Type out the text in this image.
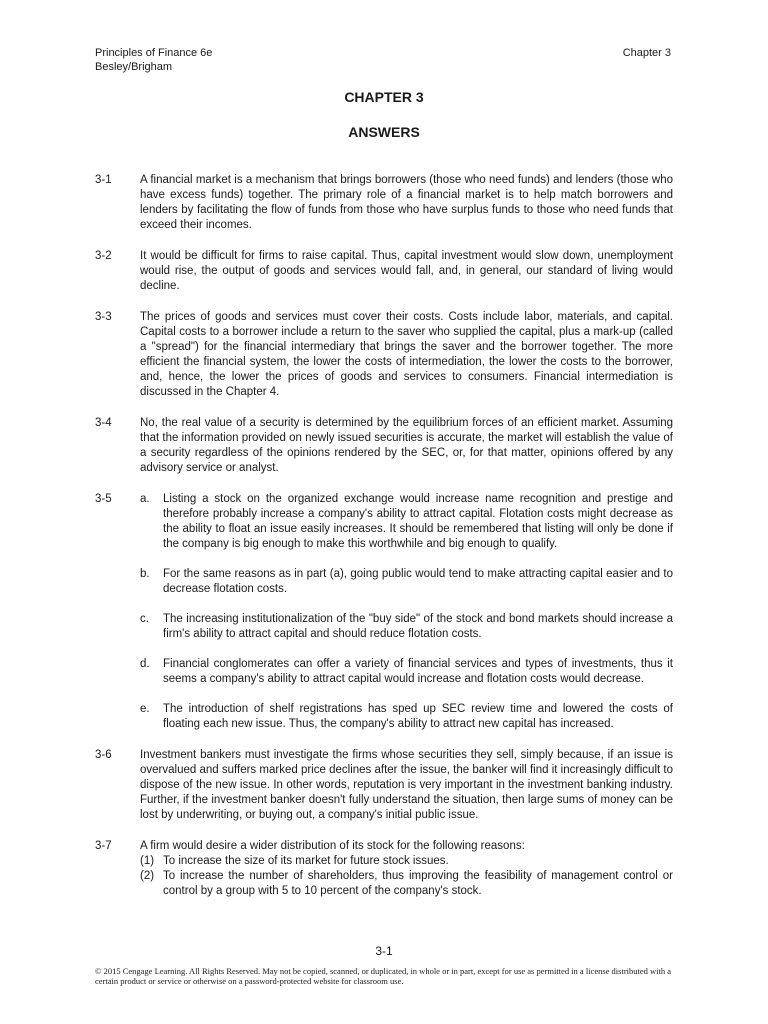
Principles of Finance 6e
Besley/Brigham
Chapter 3
CHAPTER 3
ANSWERS
3-1 A financial market is a mechanism that brings borrowers (those who need funds) and lenders (those who have excess funds) together. The primary role of a financial market is to help match borrowers and lenders by facilitating the flow of funds from those who have surplus funds to those who need funds that exceed their incomes.
3-2 It would be difficult for firms to raise capital. Thus, capital investment would slow down, unemployment would rise, the output of goods and services would fall, and, in general, our standard of living would decline.
3-3 The prices of goods and services must cover their costs. Costs include labor, materials, and capital. Capital costs to a borrower include a return to the saver who supplied the capital, plus a mark-up (called a "spread") for the financial intermediary that brings the saver and the borrower together. The more efficient the financial system, the lower the costs of intermediation, the lower the costs to the borrower, and, hence, the lower the prices of goods and services to consumers. Financial intermediation is discussed in the Chapter 4.
3-4 No, the real value of a security is determined by the equilibrium forces of an efficient market. Assuming that the information provided on newly issued securities is accurate, the market will establish the value of a security regardless of the opinions rendered by the SEC, or, for that matter, opinions offered by any advisory service or analyst.
3-5 a. Listing a stock on the organized exchange would increase name recognition and prestige and therefore probably increase a company's ability to attract capital. Flotation costs might decrease as the ability to float an issue easily increases. It should be remembered that listing will only be done if the company is big enough to make this worthwhile and big enough to qualify.
b. For the same reasons as in part (a), going public would tend to make attracting capital easier and to decrease flotation costs.
c. The increasing institutionalization of the "buy side" of the stock and bond markets should increase a firm's ability to attract capital and should reduce flotation costs.
d. Financial conglomerates can offer a variety of financial services and types of investments, thus it seems a company's ability to attract capital would increase and flotation costs would decrease.
e. The introduction of shelf registrations has sped up SEC review time and lowered the costs of floating each new issue. Thus, the company's ability to attract new capital has increased.
3-6 Investment bankers must investigate the firms whose securities they sell, simply because, if an issue is overvalued and suffers marked price declines after the issue, the banker will find it increasingly difficult to dispose of the new issue. In other words, reputation is very important in the investment banking industry. Further, if the investment banker doesn't fully understand the situation, then large sums of money can be lost by underwriting, or buying out, a company's initial public issue.
3-7 A firm would desire a wider distribution of its stock for the following reasons:
(1) To increase the size of its market for future stock issues.
(2) To increase the number of shareholders, thus improving the feasibility of management control or control by a group with 5 to 10 percent of the company's stock.
3-1
© 2015 Cengage Learning. All Rights Reserved. May not be copied, scanned, or duplicated, in whole or in part, except for use as permitted in a license distributed with a certain product or service or otherwise on a password-protected website for classroom use.
